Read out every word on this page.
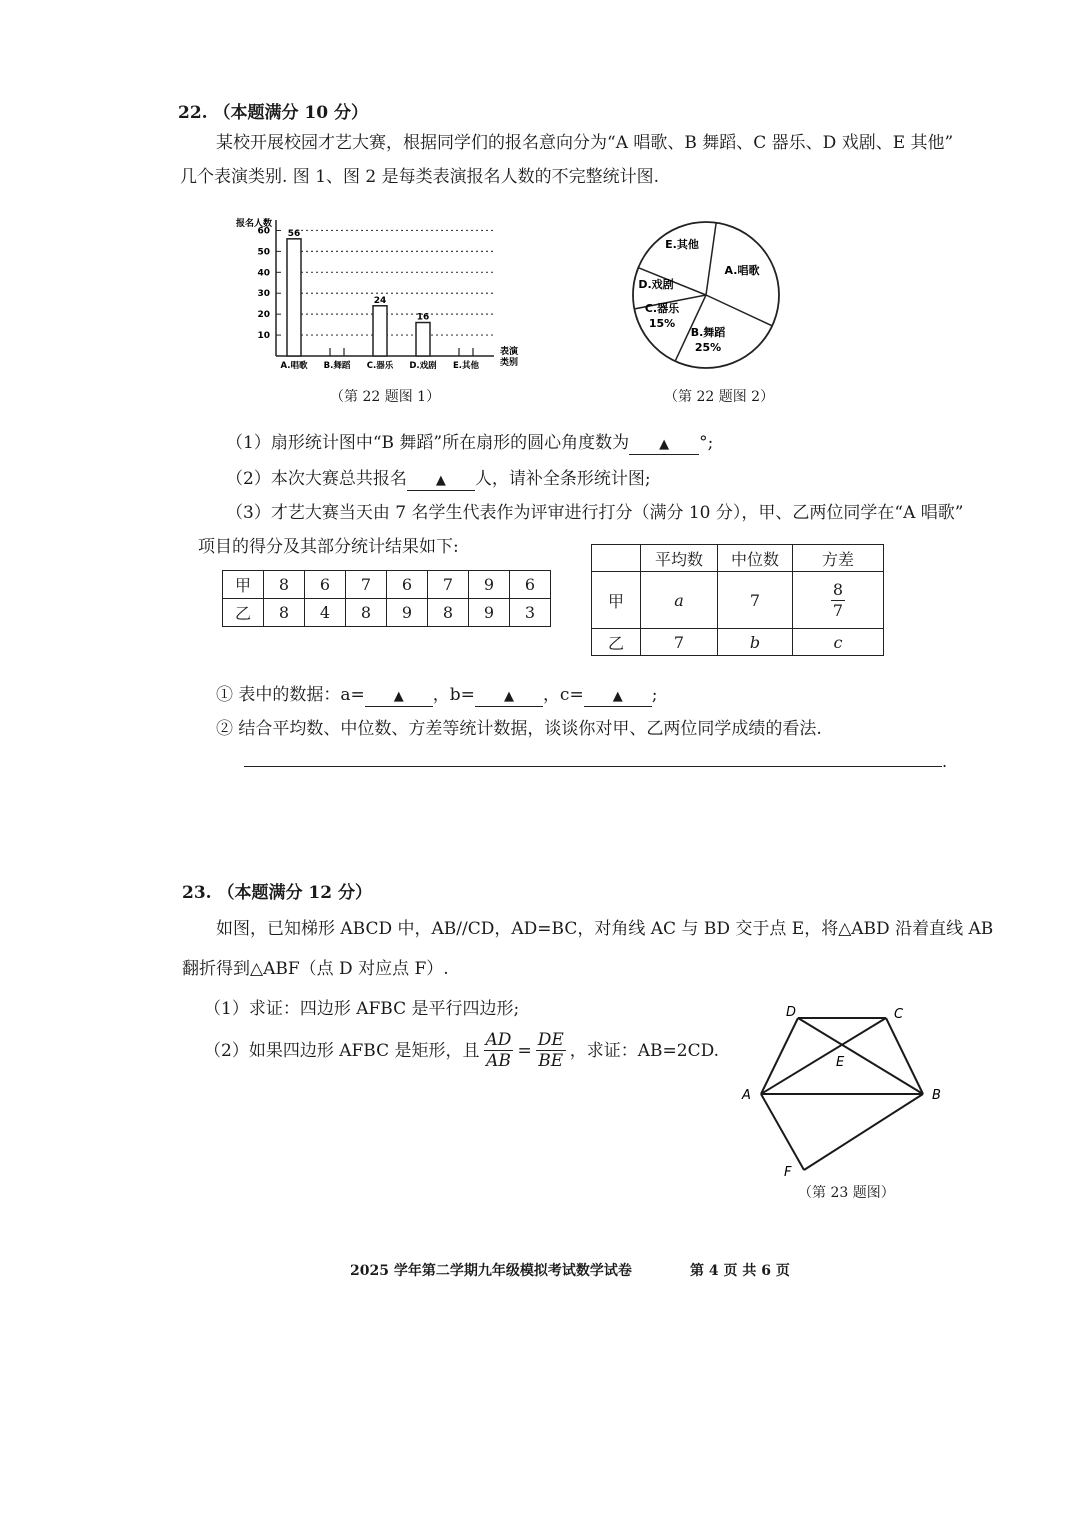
22. （本题满分 10 分）
某校开展校园才艺大赛，根据同学们的报名意向分为“A 唱歌、B 舞蹈、C 器乐、D 戏剧、E 其他”
几个表演类别. 图 1、图 2 是每类表演报名人数的不完整统计图.
报名人数
表演
类别
10
20
30
40
50
60 56
A.唱歌 B.舞蹈
24
C.器乐
16
D.戏剧 E.其他
（第 22 题图 1）
A.唱歌
B.舞蹈
25%
C.器乐
15%
D.戏剧
E.其他
（第 22 题图 2）
（1）扇形统计图中“B 舞蹈”所在扇形的圆心角度数为 ▲ °;
（2）本次大赛总共报名 ▲ 人，请补全条形统计图;
（3）才艺大赛当天由 7 名学生代表作为评审进行打分（满分 10 分），甲、乙两位同学在“A 唱歌”
项目的得分及其部分统计结果如下:
甲	8	6	7	6	7	9	6
乙	8	4	8	9	8	9	3
	平均数	中位数	方差
甲	a	7	$\frac{8}{7}$

乙	7	b	c
① 表中的数据：a= ▲ ，b= ▲ ，c= ▲ ;
② 结合平均数、中位数、方差等统计数据，谈谈你对甲、乙两位同学成绩的看法.
.
23. （本题满分 12 分）
如图，已知梯形 ABCD 中，AB//CD，AD=BC，对角线 AC 与 BD 交于点 E，将△ABD 沿着直线 AB
翻折得到△ABF（点 D 对应点 F）.
（1）求证：四边形 AFBC 是平行四边形;
（2）如果四边形 AFBC 是矩形，且 $\frac{AD}{AB} = \frac{DE}{BE}$ ，求证：AB=2CD.
D	C
E
A	B
F
（第 23 题图）
2025 学年第二学期九年级模拟考试数学试卷	第 4 页 共 6 页
